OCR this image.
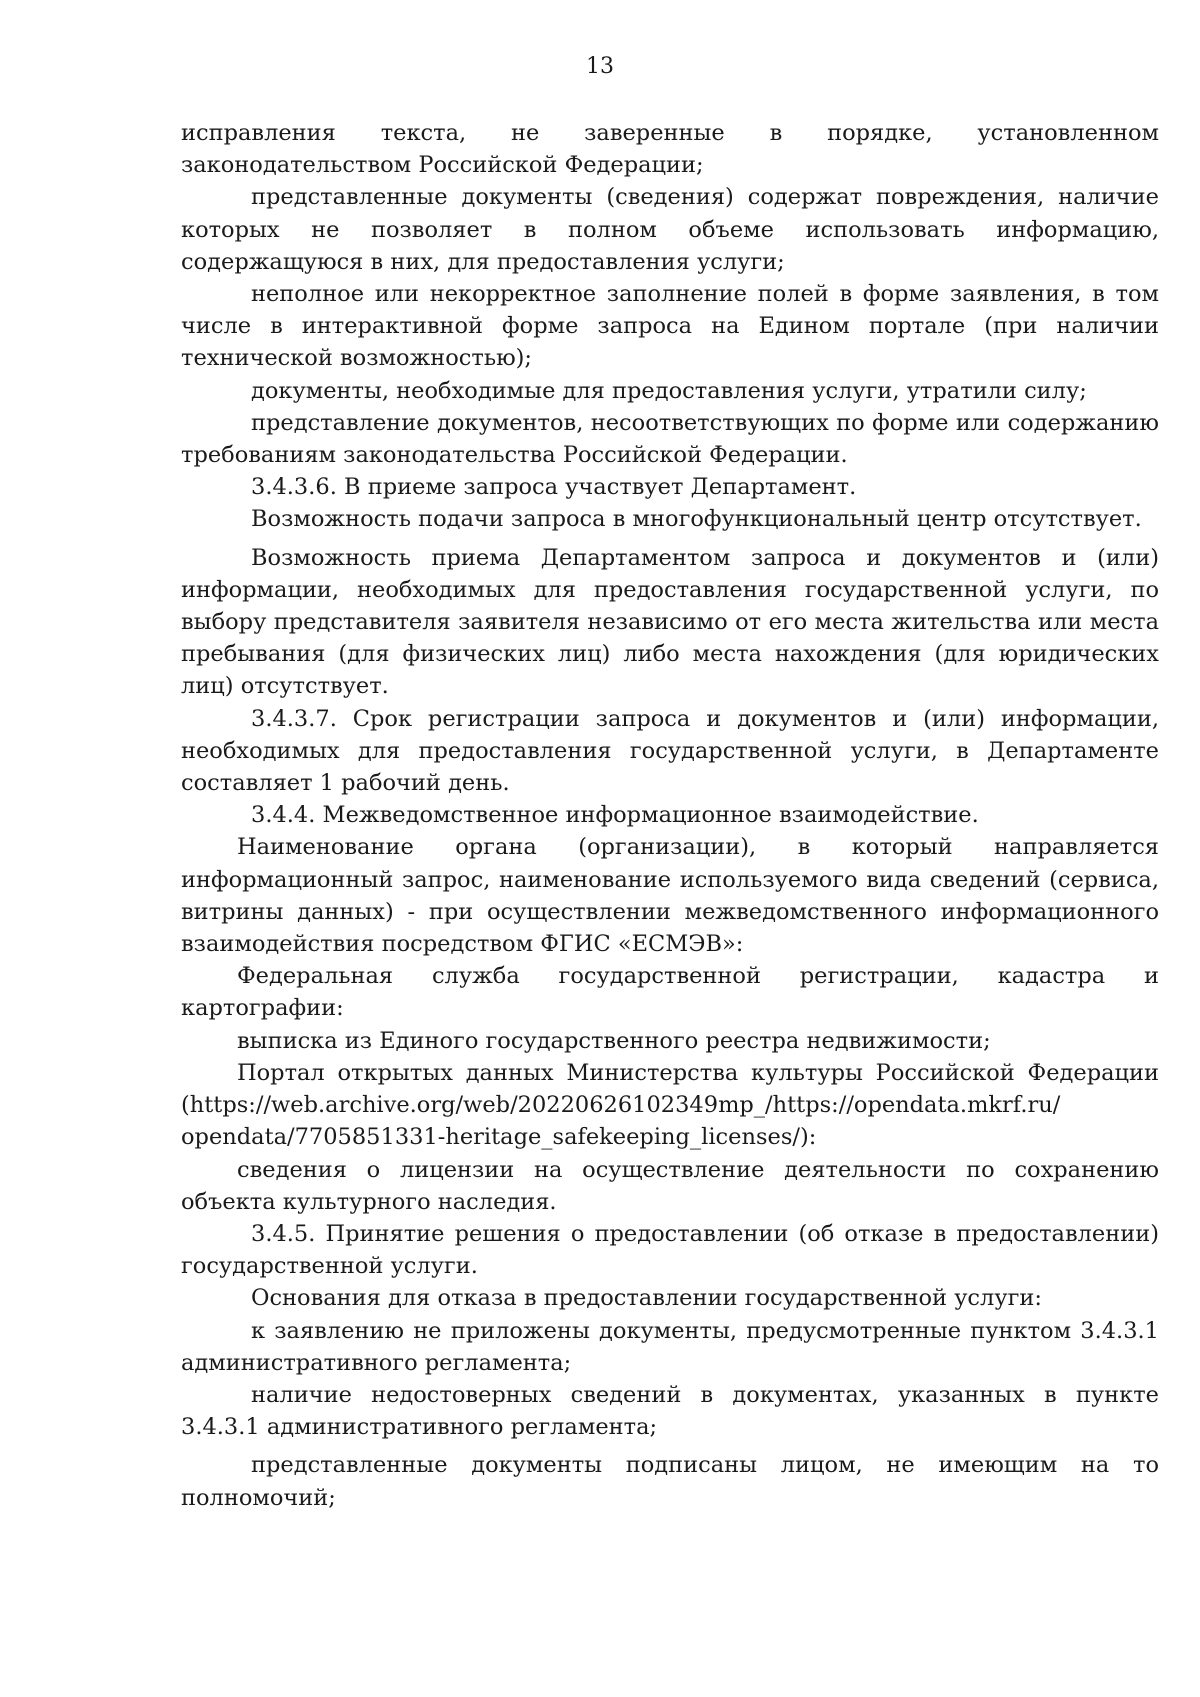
13

исправления текста, не заверенные в порядке, установленном законодательством Российской Федерации;

представленные документы (сведения) содержат повреждения, наличие которых не позволяет в полном объеме использовать информацию, содержащуюся в них, для предоставления услуги;

неполное или некорректное заполнение полей в форме заявления, в том числе в интерактивной форме запроса на Едином портале (при наличии технической возможностью);

документы, необходимые для предоставления услуги, утратили силу;

представление документов, несоответствующих по форме или содержанию требованиям законодательства Российской Федерации.

3.4.3.6. В приеме запроса участвует Департамент.

Возможность подачи запроса в многофункциональный центр отсутствует.

Возможность приема Департаментом запроса и документов и (или) информации, необходимых для предоставления государственной услуги, по выбору представителя заявителя независимо от его места жительства или места пребывания (для физических лиц) либо места нахождения (для юридических лиц) отсутствует.

3.4.3.7. Срок регистрации запроса и документов и (или) информации, необходимых для предоставления государственной услуги, в Департаменте составляет 1 рабочий день.

3.4.4. Межведомственное информационное взаимодействие.

Наименование органа (организации), в который направляется информационный запрос, наименование используемого вида сведений (сервиса, витрины данных) - при осуществлении межведомственного информационного взаимодействия посредством ФГИС «ЕСМЭВ»:

Федеральная служба государственной регистрации, кадастра и картографии:

выписка из Единого государственного реестра недвижимости;

Портал открытых данных Министерства культуры Российской Федерации (https://web.archive.org/web/20220626102349mp_/https://opendata.mkrf.ru/ opendata/7705851331-heritage_safekeeping_licenses/):

сведения о лицензии на осуществление деятельности по сохранению объекта культурного наследия.

3.4.5. Принятие решения о предоставлении (об отказе в предоставлении) государственной услуги.

Основания для отказа в предоставлении государственной услуги:

к заявлению не приложены документы, предусмотренные пунктом 3.4.3.1 административного регламента;

наличие недостоверных сведений в документах, указанных в пункте 3.4.3.1 административного регламента;

представленные документы подписаны лицом, не имеющим на то полномочий;
